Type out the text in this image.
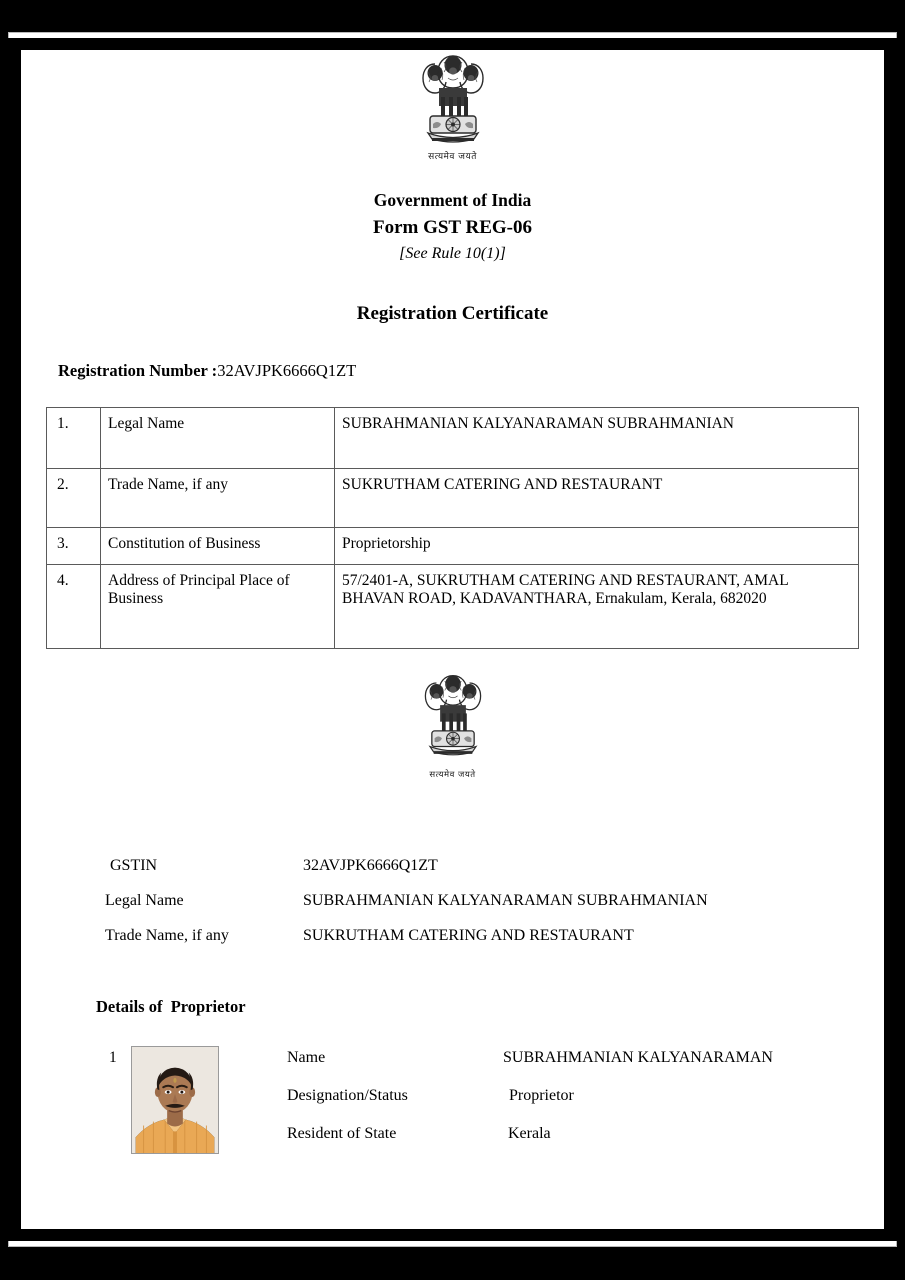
सत्यमेव जयते
Government of India
Form GST REG-06
[See Rule 10(1)]
Registration Certificate
Registration Number :32AVJPK6666Q1ZT
1.	Legal Name	SUBRAHMANIAN KALYANARAMAN SUBRAHMANIAN
2.	Trade Name, if any	SUKRUTHAM CATERING AND RESTAURANT
3.	Constitution of Business	Proprietorship
4.	Address of Principal Place of Business	57/2401-A, SUKRUTHAM CATERING AND RESTAURANT, AMAL BHAVAN ROAD, KADAVANTHARA, Ernakulam, Kerala, 682020
सत्यमेव जयते
GSTIN	32AVJPK6666Q1ZT
Legal Name	SUBRAHMANIAN KALYANARAMAN SUBRAHMANIAN
Trade Name, if any	SUKRUTHAM CATERING AND RESTAURANT
Details of  Proprietor
1	Name	SUBRAHMANIAN KALYANARAMAN
Designation/Status	Proprietor
Resident of State	Kerala
